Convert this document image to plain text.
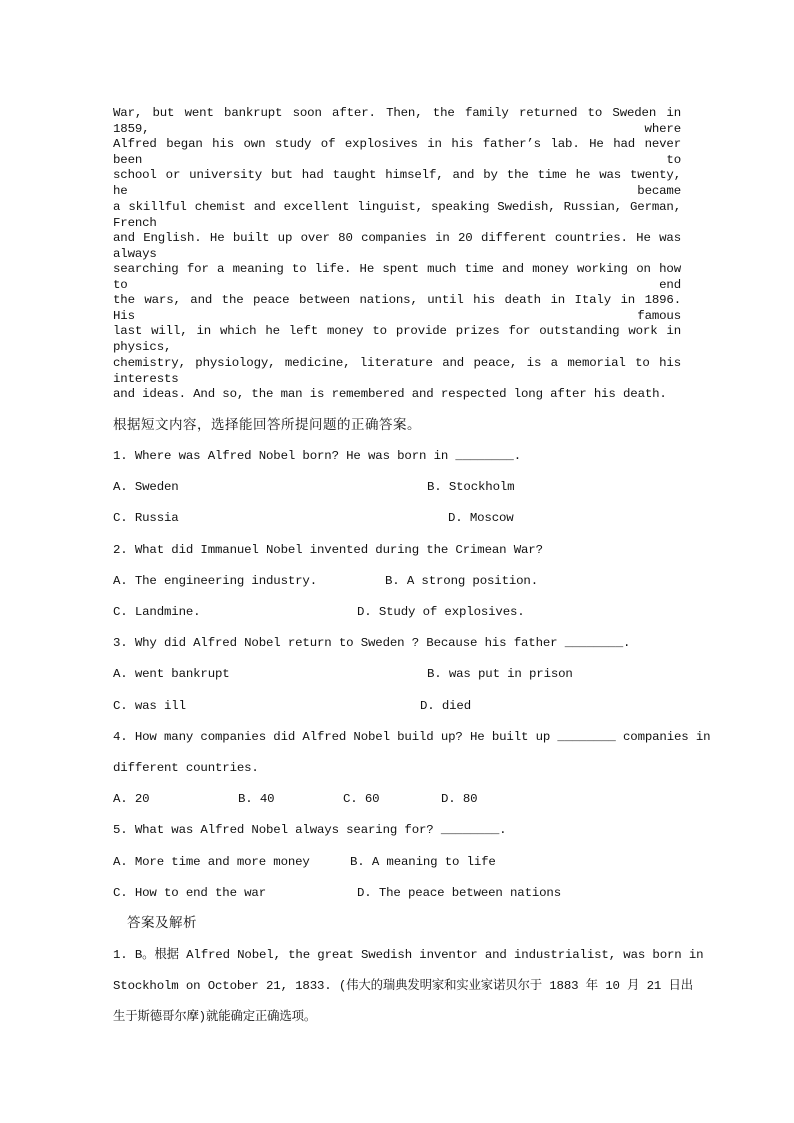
War, but went bankrupt soon after. Then, the family returned to Sweden in 1859, where
Alfred began his own study of explosives in his father’s lab. He had never been to
school or university but had taught himself, and by the time he was twenty, he became
a skillful chemist and excellent linguist, speaking Swedish, Russian, German, French
and English. He built up over 80 companies in 20 different countries. He was always
searching for a meaning to life. He spent much time and money working on how to end
the wars, and the peace between nations, until his death in Italy in 1896. His famous
last will, in which he left money to provide prizes for outstanding work in physics,
chemistry, physiology, medicine, literature and peace, is a memorial to his interests
and ideas. And so, the man is remembered and respected long after his death.
根据短文内容，选择能回答所提问题的正确答案。
1. Where was Alfred Nobel born? He was born in ________.
A. Sweden	B. Stockholm
C. Russia	D. Moscow
2. What did Immanuel Nobel invented during the Crimean War?
A. The engineering industry.	B. A strong position.
C. Landmine.	D. Study of explosives.
3. Why did Alfred Nobel return to Sweden ? Because his father ________.
A. went bankrupt	B. was put in prison
C. was ill	D. died
4. How many companies did Alfred Nobel build up? He built up ________ companies in
different countries.
A. 20	B. 40	C. 60	D. 80
5. What was Alfred Nobel always searing for? ________.
A. More time and more money	B. A meaning to life
C. How to end the war	D. The peace between nations
答案及解析
1. B。根据 Alfred Nobel, the great Swedish inventor and industrialist, was born in
Stockholm on October 21, 1833. (伟大的瑞典发明家和实业家诺贝尔于 1883 年 10 月 21 日出
生于斯德哥尔摩)就能确定正确选项。
